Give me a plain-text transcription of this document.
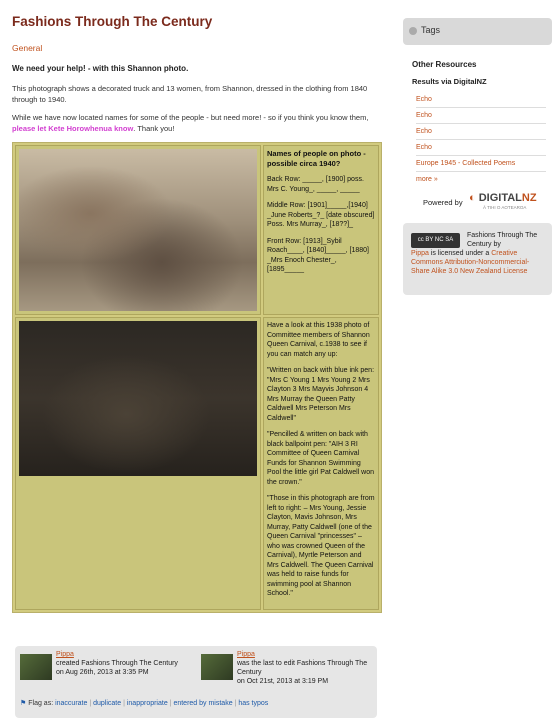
Fashions Through The Century
General
We need your help! - with this Shannon photo.
This photograph shows a decorated truck and 13 women, from Shannon, dressed in the clothing from 1840 through to 1940.
While we have now located names for some of the people - but need more! - so if you think you know them, please let Kete Horowhenua know. Thank you!

	Names of people on photo - possible circa 1940?

Back Row: _____, [1900] poss. Mrs C. Young_, _____, _____

Middle Row: [1901]_____,[1940] _June Roberts_?_ [date obscured] Poss. Mrs Murray_, [18??]_

Front Row: [1913]_Sybil Roach____, [1840]_____, [1880] _Mrs Enoch Chester_, [1895_____

	Have a look at this 1938 photo of Committee members of Shannon Queen Carnival, c.1938 to see if you can match any up:

"Written on back with blue ink pen: "Mrs C Young 1 Mrs Young 2 Mrs Clayton 3 Mrs Mayvis Johnson 4 Mrs Murray the Queen Patty Caldwell Mrs Peterson Mrs Caldwell"

"Pencilled & written on back with black ballpoint pen: "AIH 3 RI Committee of Queen Carnival Funds for Shannon Swimming Pool the little girl Pat Caldwell won the crown."

"Those in this photograph are from left to right: – Mrs Young, Jessie Clayton, Mavis Johnson, Mrs Murray, Patty Caldwell (one of the Queen Carnival "princesses" – who was crowned Queen of the Carnival), Myrtle Peterson and Mrs Caldwell. The Queen Carnival was held to raise funds for swimming pool at Shannon School."

Pippa
created Fashions Through The Century
on Aug 26th, 2013 at 3:35 PM
Pippa
was the last to edit Fashions Through The Century
on Oct 21st, 2013 at 3:19 PM
⚑ Flag as: inaccurate | duplicate | inappropriate | entered by mistake | has typos
Tags
Other Resources
Results via DigitalNZ
Echo
Echo
Echo
Echo
Europe 1945 - Collected Poems
more »
Powered by ◐ DIGITALNZ
Ā TIHI O AOTEAROA
cc BY NC SA
Fashions Through The Century by
Pippa is licensed under a Creative Commons Attribution-Noncommercial-Share Alike 3.0 New Zealand License
